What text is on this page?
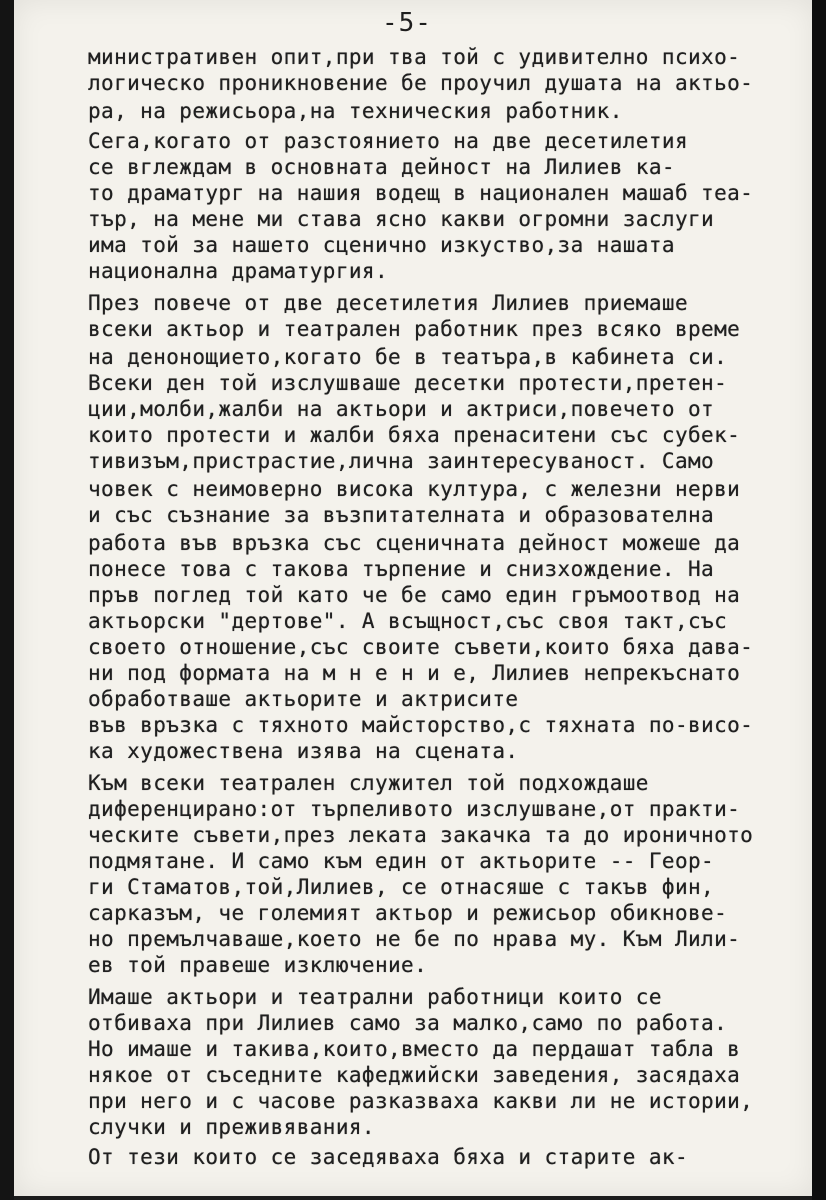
-5-
министративен опит,при тва той с удивително психо-
логическо проникновение бе проучил душата на актьо-
ра, на режисьора,на техническия работник.
Сега,когато от разстоянието на две десетилетия
се вглеждам в основната дейност на Лилиев ка-
то драматург на нашия водещ в национален машаб теа-
тър, на мене ми става ясно какви огромни заслуги
има той за нашето сценично изкуство,за нашата
национална драматургия.
През повече от две десетилетия Лилиев приемаше
всеки актьор и театрален работник през всяко време
на денонощието,когато бе в театъра,в кабинета си.
Всеки ден той изслушваше десетки протести,претен-
ции,молби,жалби на актьори и актриси,повечето от
които протести и жалби бяха пренаситени със субек-
тивизъм,пристрастие,лична заинтересуваност. Само
човек с неимоверно висока култура, с железни нерви
и със съзнание за възпитателната и образователна
работа във връзка със сценичната дейност можеше да
понесе това с такова търпение и снизхождение. На
пръв поглед той като че бе само един гръмоотвод на
актьорски "дертове". А всъщност,със своя такт,със
своето отношение,със своите съвети,които бяха дава-
ни под формата на м н е н и е, Лилиев непрекъснато
обработваше актьорите и актрисите
във връзка с тяхното майсторство,с тяхната по-висо-
ка художествена изява на сцената.
Към всеки театрален служител той подхождаше
диференцирано:от търпеливото изслушване,от практи-
ческите съвети,през леката закачка та до ироничното
подмятане. И само към един от актьорите -- Геор-
ги Стаматов,той,Лилиев, се отнасяше с такъв фин,
сарказъм, че големият актьор и режисьор обикнове-
но премълчаваше,което не бе по нрава му. Към Лили-
ев той правеше изключение.
Имаше актьори и театрални работници които се
отбиваха при Лилиев само за малко,само по работа.
Но имаше и такива,които,вместо да пердашат табла в
някое от съседните кафеджийски заведения, засядаха
при него и с часове разказваха какви ли не истории,
случки и преживявания.
От тези които се заседяваха бяха и старите ак-
